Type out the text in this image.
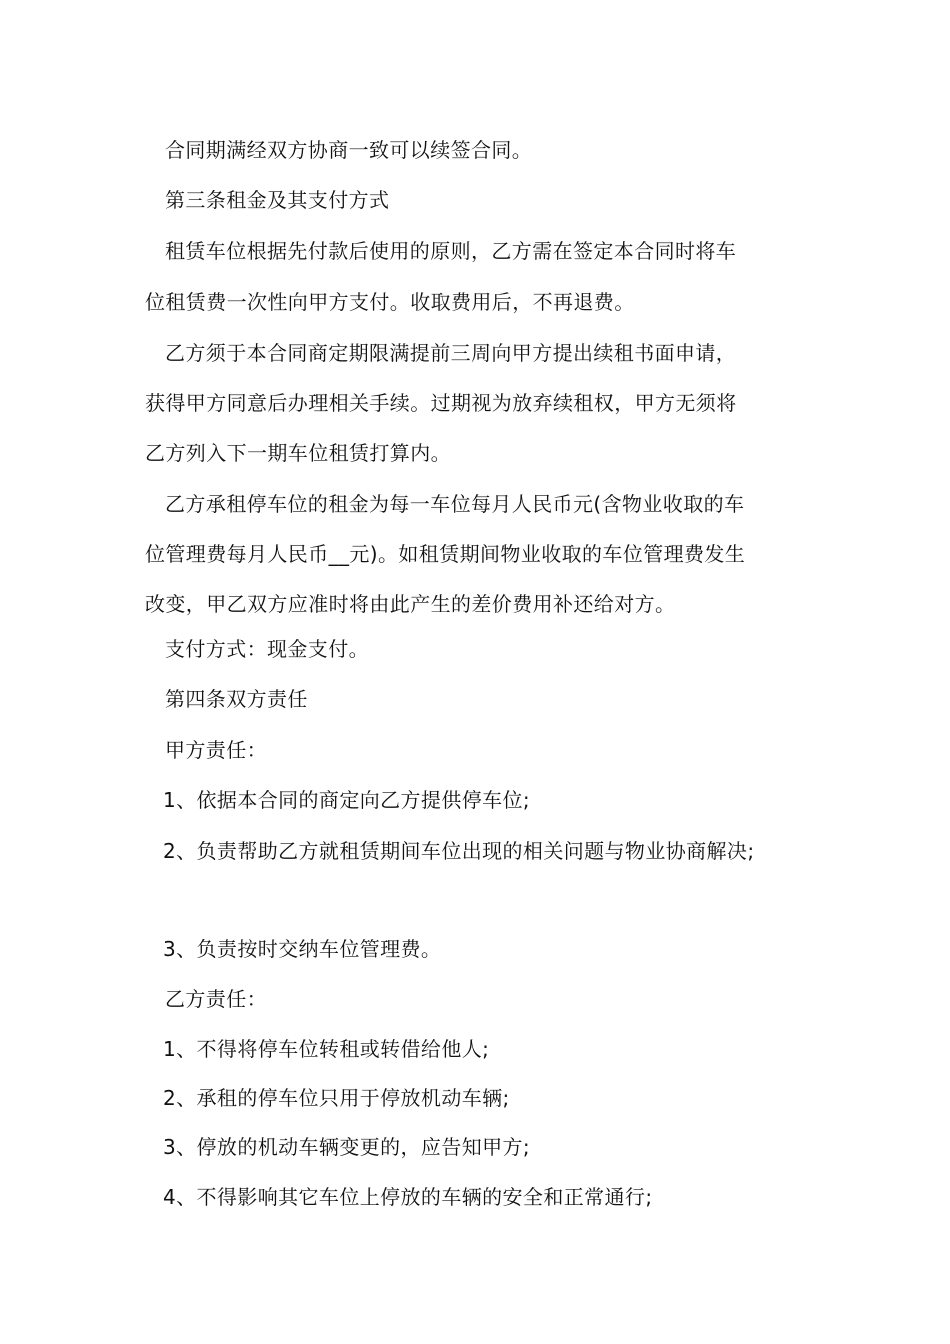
合同期满经双方协商一致可以续签合同。
第三条租金及其支付方式
租赁车位根据先付款后使用的原则，乙方需在签定本合同时将车
位租赁费一次性向甲方支付。收取费用后，不再退费。
乙方须于本合同商定期限满提前三周向甲方提出续租书面申请，
获得甲方同意后办理相关手续。过期视为放弃续租权，甲方无须将
乙方列入下一期车位租赁打算内。
乙方承租停车位的租金为每一车位每月人民币元(含物业收取的车
位管理费每月人民币__元)。如租赁期间物业收取的车位管理费发生
改变，甲乙双方应准时将由此产生的差价费用补还给对方。
支付方式：现金支付。
第四条双方责任
甲方责任：
1、依据本合同的商定向乙方提供停车位;
2、负责帮助乙方就租赁期间车位出现的相关问题与物业协商解决;
3、负责按时交纳车位管理费。
乙方责任：
1、不得将停车位转租或转借给他人;
2、承租的停车位只用于停放机动车辆;
3、停放的机动车辆变更的，应告知甲方;
4、不得影响其它车位上停放的车辆的安全和正常通行;
